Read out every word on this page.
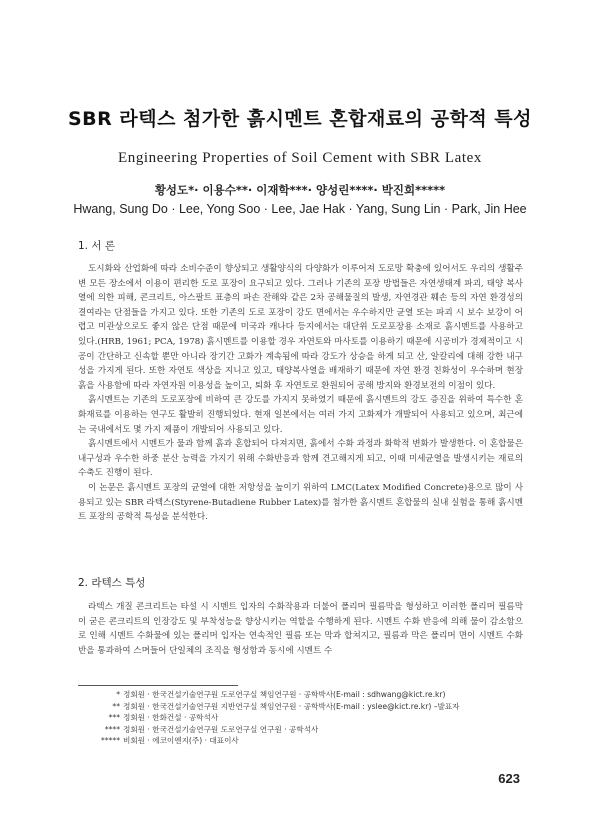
SBR 라텍스 첨가한 흙시멘트 혼합재료의 공학적 특성
Engineering Properties of Soil Cement with SBR Latex
황성도*· 이용수**· 이재학***· 양성린****· 박진희*****
Hwang, Sung Do · Lee, Yong Soo · Lee, Jae Hak · Yang, Sung Lin · Park, Jin Hee
1. 서 론

도시화와 산업화에 따라 소비수준이 향상되고 생활양식의 다양화가 이루어져 도로망 확충에 있어서도 우리의 생활주변 모든 장소에서 이용이 편리한 도로 포장이 요구되고 있다. 그러나 기존의 포장 방법들은 자연생태계 파괴, 태양 복사열에 의한 피해, 콘크리트, 아스팔트 표층의 파손 잔해와 같은 2차 공해물질의 발생, 자연경관 훼손 등의 자연 환경성의 결여라는 단점들을 가지고 있다. 또한 기존의 도로 포장이 강도 면에서는 우수하지만 균열 또는 파괴 시 보수 보강이 어렵고 미관상으로도 좋지 않은 단점 때문에 미국과 캐나다 등지에서는 대단위 도로포장용 소재로 흙시멘트를 사용하고 있다.(HRB, 1961; PCA, 1978) 흙시멘트를 이용할 경우 자연토와 마사토를 이용하기 때문에 시공비가 경제적이고 시공이 간단하고 신속할 뿐만 아니라 장기간 고화가 계속됨에 따라 강도가 상승을 하게 되고 산, 알칼리에 대해 강한 내구성을 가지게 된다. 또한 자연토 색상을 지니고 있고, 태양복사열을 배재하기 때문에 자연 환경 친화성이 우수하며 현장 흙을 사용함에 따라 자연자원 이용성을 높이고, 퇴화 후 자연토로 환원되어 공해 방지와 환경보전의 이점이 있다.

흙시멘트는 기존의 도로포장에 비하여 큰 강도를 가지지 못하였기 때문에 흙시멘트의 강도 증진을 위하여 특수한 혼화재료를 이용하는 연구도 활발히 진행되었다. 현재 일본에서는 여러 가지 고화제가 개발되어 사용되고 있으며, 최근에는 국내에서도 몇 가지 제품이 개발되어 사용되고 있다.

흙시멘트에서 시멘트가 물과 함께 흙과 혼합되어 다져지면, 흙에서 수화 과정과 화학적 변화가 발생한다. 이 혼합물은 내구성과 우수한 하중 분산 능력을 가지기 위해 수화반응과 함께 견고해지게 되고, 이때 미세균열을 발생시키는 재료의 수축도 진행이 된다.

이 논문은 흙시멘트 포장의 균열에 대한 저항성을 높이기 위하여 LMC(Latex Modified Concrete)용으로 많이 사용되고 있는 SBR 라텍스(Styrene-Butadiene Rubber Latex)를 첨가한 흙시멘트 혼합물의 실내 실험을 통해 흙시멘트 포장의 공학적 특성을 분석한다.

2. 라텍스 특성

라텍스 개질 콘크리트는 타설 시 시멘트 입자의 수화작용과 더불어 폴리머 필름막을 형성하고 이러한 폴리머 필름막이 굳은 콘크리트의 인장강도 및 부착성능을 향상시키는 역할을 수행하게 된다. 시멘트 수화 반응에 의해 물이 감소함으로 인해 시멘트 수화물에 있는 폴리머 입자는 연속적인 필름 또는 막과 합쳐지고, 필름과 막은 폴리머 면이 시멘트 수화반을 통과하여 스며들어 단일체의 조직을 형성함과 동시에 시멘트 수

* 정회원 · 한국건설기술연구원 도로연구실 책임연구원 · 공학박사(E-mail : sdhwang@kict.re.kr)
** 정회원 · 한국건설기술연구원 지반연구실 책임연구원 · 공학박사(E-mail : yslee@kict.re.kr) –발표자
*** 정회원 · 한화건설 · 공학석사
**** 정회원 · 한국건설기술연구원 도로연구실 연구원 · 공학석사
***** 비회원 · 에코이엔지(주) · 대표이사
623
